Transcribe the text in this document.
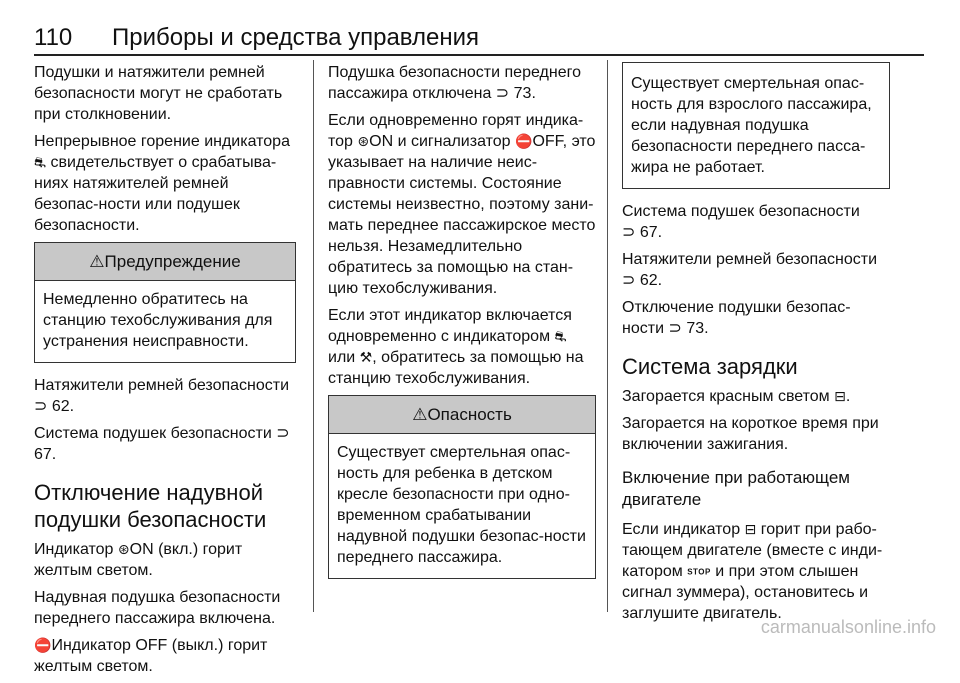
110	Приборы и средства управления

Подушки и натяжители ремней безопасности могут не сработать при столкновении.

Непрерывное горение индикатора ⛐ свидетельствует о срабатыва-ниях натяжителей ремней безопас-ности или подушек безопасности.

⚠Предупреждение
Немедленно обратитесь на станцию техобслуживания для устранения неисправности.

Натяжители ремней безопасности ⊃ 62.

Система подушек безопасности ⊃ 67.

Отключение надувной подушки безопасности

Индикатор ⊛ON (вкл.) горит желтым светом.

Надувная подушка безопасности переднего пассажира включена.

⛔Индикатор OFF (выкл.) горит желтым светом.

Подушка безопасности переднего пассажира отключена ⊃ 73.

Если одновременно горят индика-тор ⊛ON и сигнализатор ⛔OFF, это указывает на наличие неис-правности системы. Состояние системы неизвестно, поэтому зани-мать переднее пассажирское место нельзя. Незамедлительно обратитесь за помощью на стан-цию техобслуживания.

Если этот индикатор включается одновременно с индикатором ⛐ или ⚒, обратитесь за помощью на станцию техобслуживания.

⚠Опасность
Существует смертельная опас-ность для ребенка в детском кресле безопасности при одно-временном срабатывании надувной подушки безопас-ности переднего пассажира.
Существует смертельная опас-ность для взрослого пассажира, если надувная подушка безопасности переднего пасса-жира не работает.

Система подушек безопасности
⊃ 67.

Натяжители ремней безопасности
⊃ 62.

Отключение подушки безопас-ности ⊃ 73.

Система зарядки

Загорается красным светом ⊟.

Загорается на короткое время при включении зажигания.

Включение при работающем двигателе

Если индикатор ⊟ горит при рабо-тающем двигателе (вместе с инди-катором STOP и при этом слышен сигнал зуммера), остановитесь и заглушите двигатель.

carmanualsonline.info
